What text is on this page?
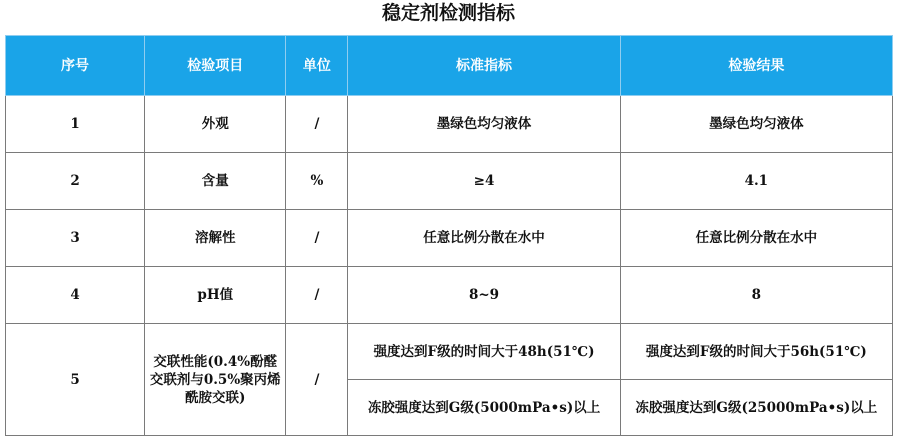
稳定剂检测指标
序号	检验项目	单位	标准指标	检验结果
1	外观	/	墨绿色均匀液体	墨绿色均匀液体
2	含量	%	≥4	4.1
3	溶解性	/	任意比例分散在水中	任意比例分散在水中
4	pH值	/	8~9	8
5	交联性能(0.4%酚醛交联剂与0.5%聚丙烯酰胺交联)	/	强度达到F级的时间大于48h(51℃)	强度达到F级的时间大于56h(51℃)
			冻胶强度达到G级(5000mPa•s)以上	冻胶强度达到G级(25000mPa•s)以上
